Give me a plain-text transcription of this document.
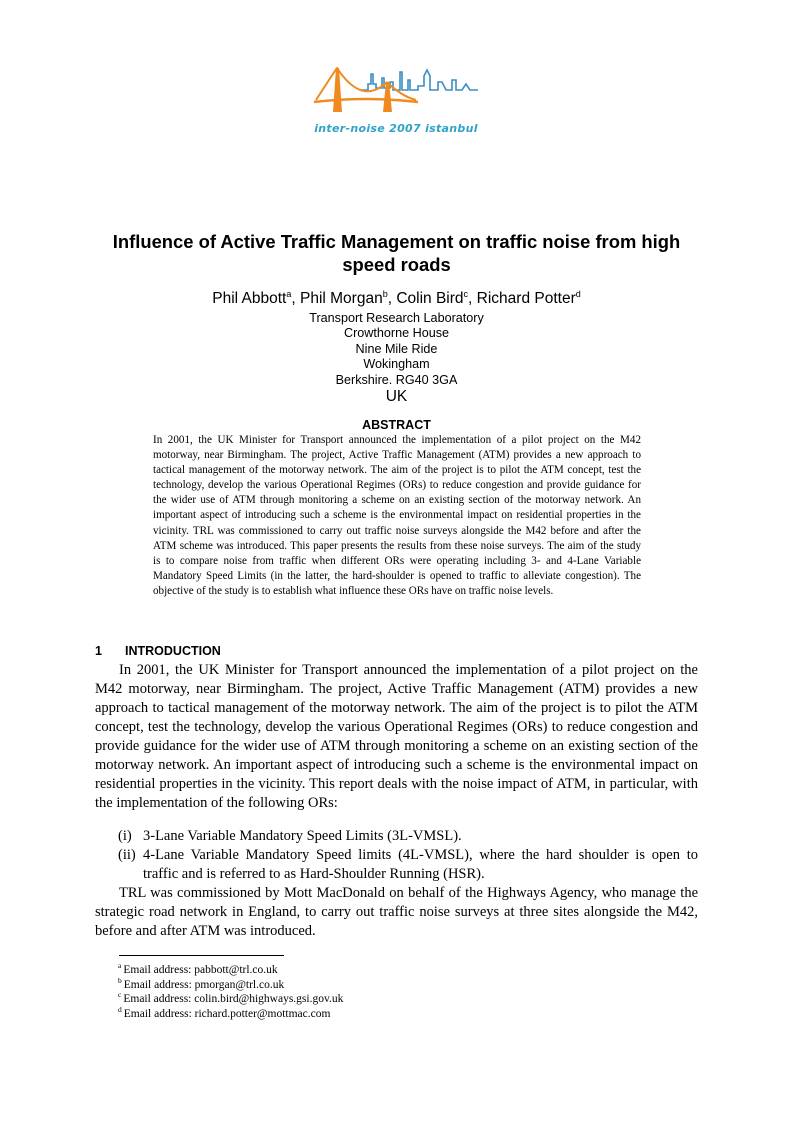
inter-noise 2007 istanbul
Influence of Active Traffic Management on traffic noise from high speed roads
Phil Abbott$^a$, Phil Morgan$^b$, Colin Bird$^c$, Richard Potter$^d$
Transport Research Laboratory
Crowthorne House
Nine Mile Ride
Wokingham
Berkshire. RG40 3GA
UK
ABSTRACT

In 2001, the UK Minister for Transport announced the implementation of a pilot project on the M42 motorway, near Birmingham. The project, Active Traffic Management (ATM) provides a new approach to tactical management of the motorway network. The aim of the project is to pilot the ATM concept, test the technology, develop the various Operational Regimes (ORs) to reduce congestion and provide guidance for the wider use of ATM through monitoring a scheme on an existing section of the motorway network. An important aspect of introducing such a scheme is the environmental impact on residential properties in the vicinity. TRL was commissioned to carry out traffic noise surveys alongside the M42 before and after the ATM scheme was introduced. This paper presents the results from these noise surveys. The aim of the study is to compare noise from traffic when different ORs were operating including 3- and 4-Lane Variable Mandatory Speed Limits (in the latter, the hard-shoulder is opened to traffic to alleviate congestion). The objective of the study is to establish what influence these ORs have on traffic noise levels.

1 INTRODUCTION

In 2001, the UK Minister for Transport announced the implementation of a pilot project on the M42 motorway, near Birmingham. The project, Active Traffic Management (ATM) provides a new approach to tactical management of the motorway network. The aim of the project is to pilot the ATM concept, test the technology, develop the various Operational Regimes (ORs) to reduce congestion and provide guidance for the wider use of ATM through monitoring a scheme on an existing section of the motorway network. An important aspect of introducing such a scheme is the environmental impact on residential properties in the vicinity. This report deals with the noise impact of ATM, in particular, with the implementation of the following ORs:

(i) 3-Lane Variable Mandatory Speed Limits (3L-VMSL).
(ii) 4-Lane Variable Mandatory Speed limits (4L-VMSL), where the hard shoulder is open to traffic and is referred to as Hard-Shoulder Running (HSR).

TRL was commissioned by Mott MacDonald on behalf of the Highways Agency, who manage the strategic road network in England, to carry out traffic noise surveys at three sites alongside the M42, before and after ATM was introduced.

$^a$ Email address: pabbott@trl.co.uk
$^b$ Email address: pmorgan@trl.co.uk
$^c$ Email address: colin.bird@highways.gsi.gov.uk
$^d$ Email address: richard.potter@mottmac.com
